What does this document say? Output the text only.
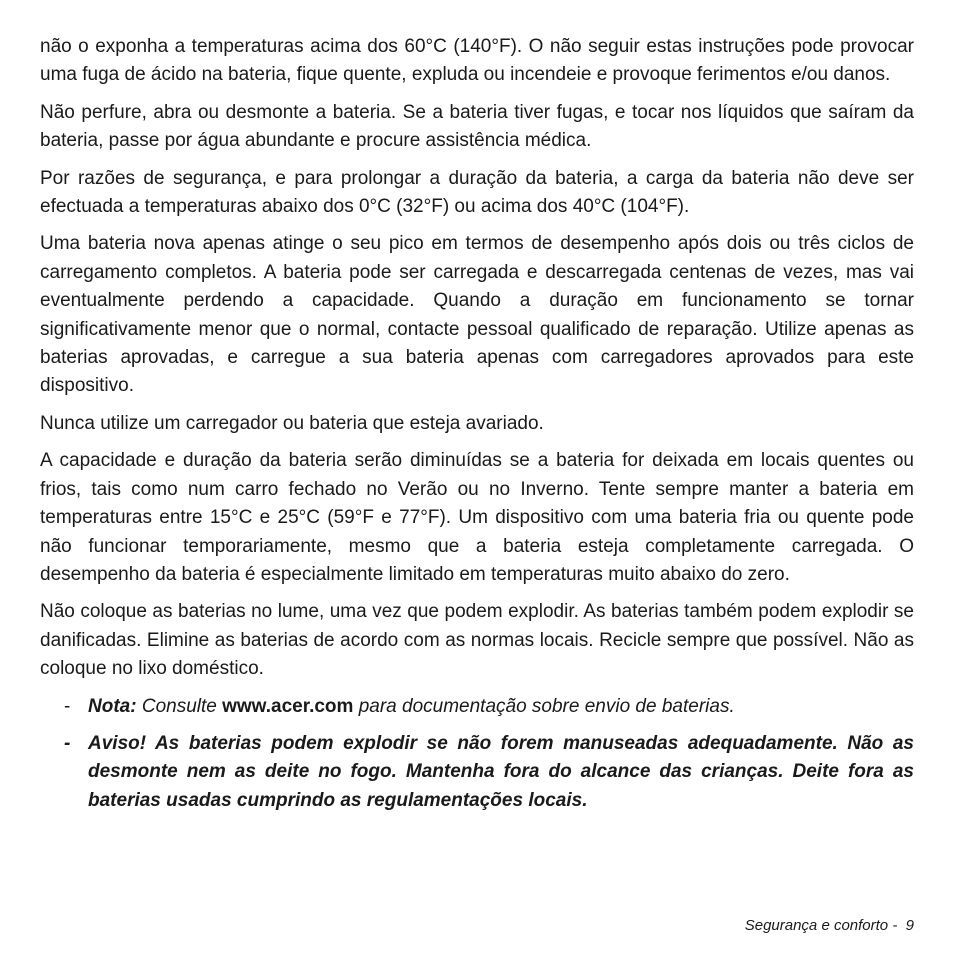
não o exponha a temperaturas acima dos 60°C (140°F). O não seguir estas instruções pode provocar uma fuga de ácido na bateria, fique quente, expluda ou incendeie e provoque ferimentos e/ou danos.

Não perfure, abra ou desmonte a bateria. Se a bateria tiver fugas, e tocar nos líquidos que saíram da bateria, passe por água abundante e procure assistência médica.

Por razões de segurança, e para prolongar a duração da bateria, a carga da bateria não deve ser efectuada a temperaturas abaixo dos 0°C (32°F) ou acima dos 40°C (104°F).

Uma bateria nova apenas atinge o seu pico em termos de desempenho após dois ou três ciclos de carregamento completos. A bateria pode ser carregada e descarregada centenas de vezes, mas vai eventualmente perdendo a capacidade. Quando a duração em funcionamento se tornar significativamente menor que o normal, contacte pessoal qualificado de reparação. Utilize apenas as baterias aprovadas, e carregue a sua bateria apenas com carregadores aprovados para este dispositivo.

Nunca utilize um carregador ou bateria que esteja avariado.

A capacidade e duração da bateria serão diminuídas se a bateria for deixada em locais quentes ou frios, tais como num carro fechado no Verão ou no Inverno. Tente sempre manter a bateria em temperaturas entre 15°C e 25°C (59°F e 77°F). Um dispositivo com uma bateria fria ou quente pode não funcionar temporariamente, mesmo que a bateria esteja completamente carregada. O desempenho da bateria é especialmente limitado em temperaturas muito abaixo do zero.

Não coloque as baterias no lume, uma vez que podem explodir. As baterias também podem explodir se danificadas. Elimine as baterias de acordo com as normas locais. Recicle sempre que possível. Não as coloque no lixo doméstico.

- Nota: Consulte www.acer.com para documentação sobre envio de baterias.
- Aviso! As baterias podem explodir se não forem manuseadas adequadamente. Não as desmonte nem as deite no fogo. Mantenha fora do alcance das crianças. Deite fora as baterias usadas cumprindo as regulamentações locais.
Segurança e conforto -  9
